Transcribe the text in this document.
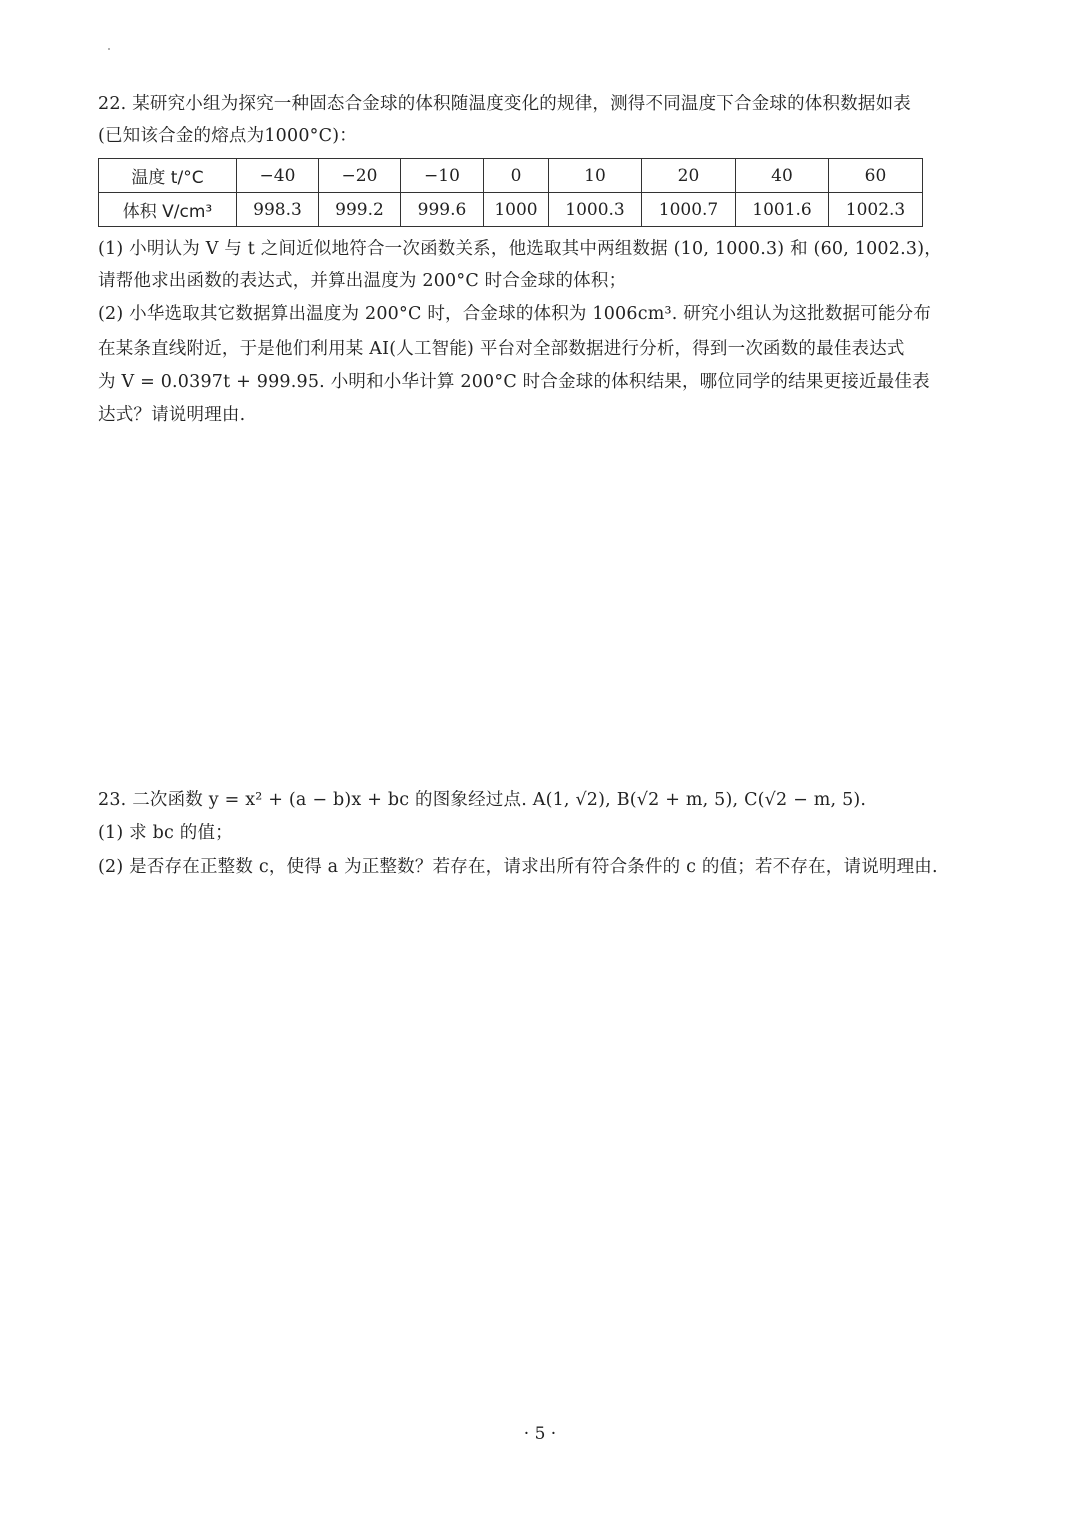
22. 某研究小组为探究一种固态合金球的体积随温度变化的规律，测得不同温度下合金球的体积数据如表
(已知该合金的熔点为1000°C)：
温度 t/°C	−40	−20	−10	0	10	20	40	60
体积 V/cm³	998.3	999.2	999.6	1000	1000.3	1000.7	1001.6	1002.3
(1) 小明认为 V 与 t 之间近似地符合一次函数关系，他选取其中两组数据 (10, 1000.3) 和 (60, 1002.3)，
请帮他求出函数的表达式，并算出温度为 200°C 时合金球的体积；
(2) 小华选取其它数据算出温度为 200°C 时，合金球的体积为 1006cm³. 研究小组认为这批数据可能分布
在某条直线附近，于是他们利用某 AI(人工智能) 平台对全部数据进行分析，得到一次函数的最佳表达式
为 V = 0.0397t + 999.95. 小明和小华计算 200°C 时合金球的体积结果，哪位同学的结果更接近最佳表
达式？请说明理由.
23. 二次函数 y = x² + (a − b)x + bc 的图象经过点. A(1, √2), B(√2 + m, 5), C(√2 − m, 5).
(1) 求 bc 的值；
(2) 是否存在正整数 c，使得 a 为正整数？若存在，请求出所有符合条件的 c 的值；若不存在，请说明理由.
· 5 ·
